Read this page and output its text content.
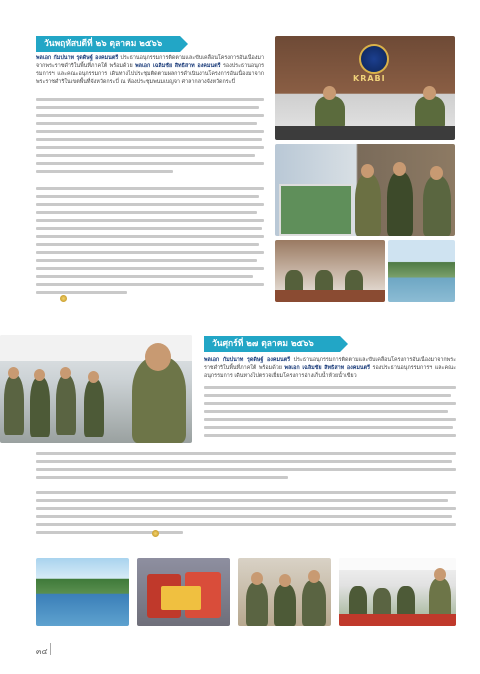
วันพฤหัสบดีที่ ๒๖ ตุลาคม ๒๕๖๖
พลเอก กัมปนาท รุดดิษฐ์ องคมนตรี ประธานอนุกรรมการติดตามและขับเคลื่อนโครงการอันเนื่องมาจากพระราชดำริในพื้นที่ภาคใต้ พร้อมด้วย พลเอก เฉลิมชัย สิทธิสาท องคมนตรี รองประธานอนุกรรมการฯ และคณะอนุกรรมการ เดินทางไปประชุมติดตามผลการดำเนินงานโครงการอันเนื่องมาจากพระราชดำริในเขตพื้นที่จังหวัดกระบี่ ณ ห้องประชุมพนมเบญจา ศาลากลางจังหวัดกระบี่	KRABI
วันศุกร์ที่ ๒๗ ตุลาคม ๒๕๖๖
พลเอก กัมปนาท รุดดิษฐ์ องคมนตรี ประธานอนุกรรมการติดตามและขับเคลื่อนโครงการอันเนื่องมาจากพระราชดำริในพื้นที่ภาคใต้ พร้อมด้วย พลเอก เฉลิมชัย สิทธิสาท องคมนตรี รองประธานอนุกรรมการฯ และคณะอนุกรรมการ เดินทางไปตรวจเยี่ยมโครงการอ่างเก็บน้ำห้วยน้ำเขียว
๓๔
